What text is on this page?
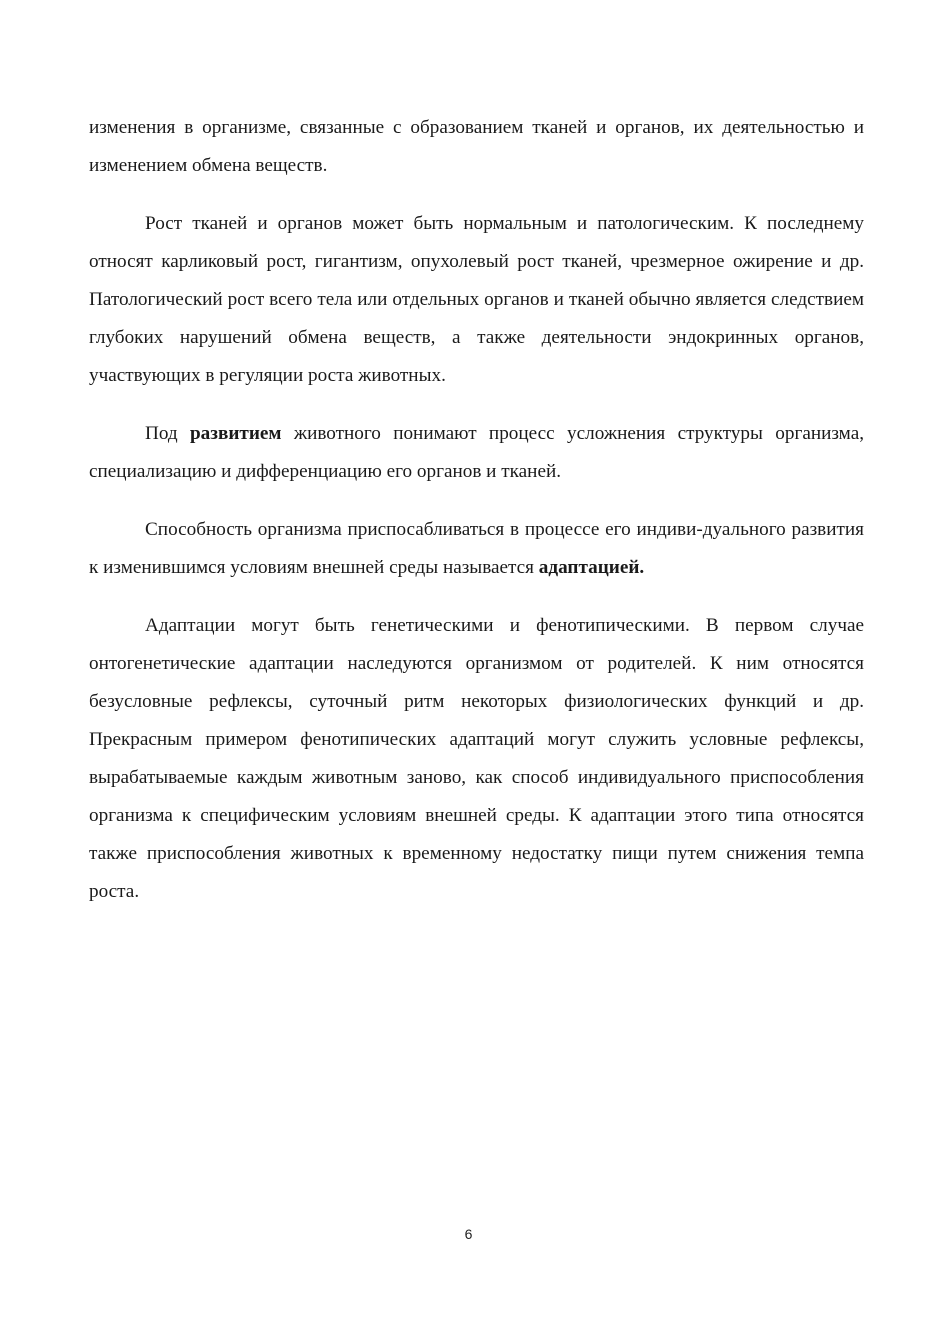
изменения в организме, связанные с образованием тканей и органов, их деятельностью и изменением обмена веществ.

Рост тканей и органов может быть нормальным и патологическим. К последнему относят карликовый рост, гигантизм, опухолевый рост тканей, чрезмерное ожирение и др. Патологический рост всего тела или отдельных органов и тканей обычно является следствием глубоких нарушений обмена веществ, а также деятельности эндокринных органов, участвующих в регуляции роста животных.

Под развитием животного понимают процесс усложнения структуры организма, специализацию и дифференциацию его органов и тканей.

Способность организма приспосабливаться в процессе его индиви-дуального развития к изменившимся условиям внешней среды называется адаптацией.

Адаптации могут быть генетическими и фенотипическими. В первом случае онтогенетические адаптации наследуются организмом от родителей. К ним относятся безусловные рефлексы, суточный ритм некоторых физиологических функций и др. Прекрасным примером фенотипических адаптаций могут служить условные рефлексы, вырабатываемые каждым животным заново, как способ индивидуального приспособления организма к специфическим условиям внешней среды. К адаптации этого типа относятся также приспособления животных к временному недостатку пищи путем снижения темпа роста.

6
